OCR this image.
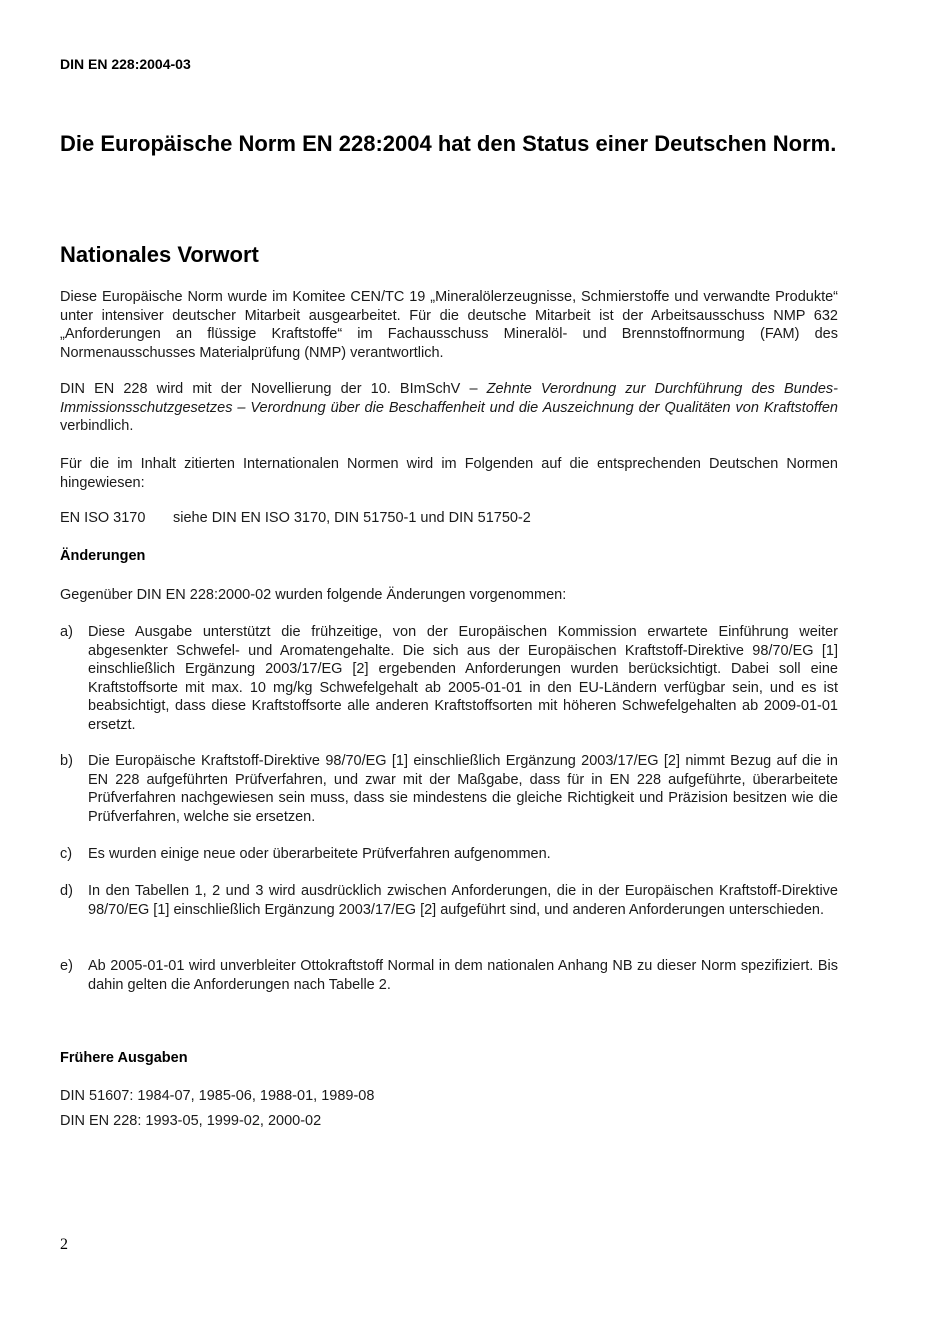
DIN EN 228:2004-03
Die Europäische Norm EN 228:2004 hat den Status einer Deutschen Norm.
Nationales Vorwort
Diese Europäische Norm wurde im Komitee CEN/TC 19 „Mineralölerzeugnisse, Schmierstoffe und verwandte Produkte“ unter intensiver deutscher Mitarbeit ausgearbeitet. Für die deutsche Mitarbeit ist der Arbeitsausschuss NMP 632 „Anforderungen an flüssige Kraftstoffe“ im Fachausschuss Mineralöl- und Brennstoffnormung (FAM) des Normenausschusses Materialprüfung (NMP) verantwortlich.
DIN EN 228 wird mit der Novellierung der 10. BImSchV – Zehnte Verordnung zur Durchführung des Bundes-Immissionsschutzgesetzes – Verordnung über die Beschaffenheit und die Auszeichnung der Qualitäten von Kraftstoffen verbindlich.
Für die im Inhalt zitierten Internationalen Normen wird im Folgenden auf die entsprechenden Deutschen Normen hingewiesen:
EN ISO 3170 siehe DIN EN ISO 3170, DIN 51750-1 und DIN 51750-2
Änderungen
Gegenüber DIN EN 228:2000-02 wurden folgende Änderungen vorgenommen:
a)	Diese Ausgabe unterstützt die frühzeitige, von der Europäischen Kommission erwartete Einführung weiter abgesenkter Schwefel- und Aromatengehalte. Die sich aus der Europäischen Kraftstoff-Direktive 98/70/EG [1] einschließlich Ergänzung 2003/17/EG [2] ergebenden Anforderungen wurden berücksichtigt. Dabei soll eine Kraftstoffsorte mit max. 10 mg/kg Schwefelgehalt ab 2005-01-01 in den EU-Ländern verfügbar sein, und es ist beabsichtigt, dass diese Kraftstoffsorte alle anderen Kraftstoffsorten mit höheren Schwefelgehalten ab 2009-01-01 ersetzt.
b)	Die Europäische Kraftstoff-Direktive 98/70/EG [1] einschließlich Ergänzung 2003/17/EG [2] nimmt Bezug auf die in EN 228 aufgeführten Prüfverfahren, und zwar mit der Maßgabe, dass für in EN 228 aufgeführte, überarbeitete Prüfverfahren nachgewiesen sein muss, dass sie mindestens die gleiche Richtigkeit und Präzision besitzen wie die Prüfverfahren, welche sie ersetzen.
c)	Es wurden einige neue oder überarbeitete Prüfverfahren aufgenommen.
d)	In den Tabellen 1, 2 und 3 wird ausdrücklich zwischen Anforderungen, die in der Europäischen Kraftstoff-Direktive 98/70/EG [1] einschließlich Ergänzung 2003/17/EG [2] aufgeführt sind, und anderen Anforderungen unterschieden.
e)	Ab 2005-01-01 wird unverbleiter Ottokraftstoff Normal in dem nationalen Anhang NB zu dieser Norm spezifiziert. Bis dahin gelten die Anforderungen nach Tabelle 2.
Frühere Ausgaben
DIN 51607: 1984-07, 1985-06, 1988-01, 1989-08
DIN EN 228: 1993-05, 1999-02, 2000-02
2
